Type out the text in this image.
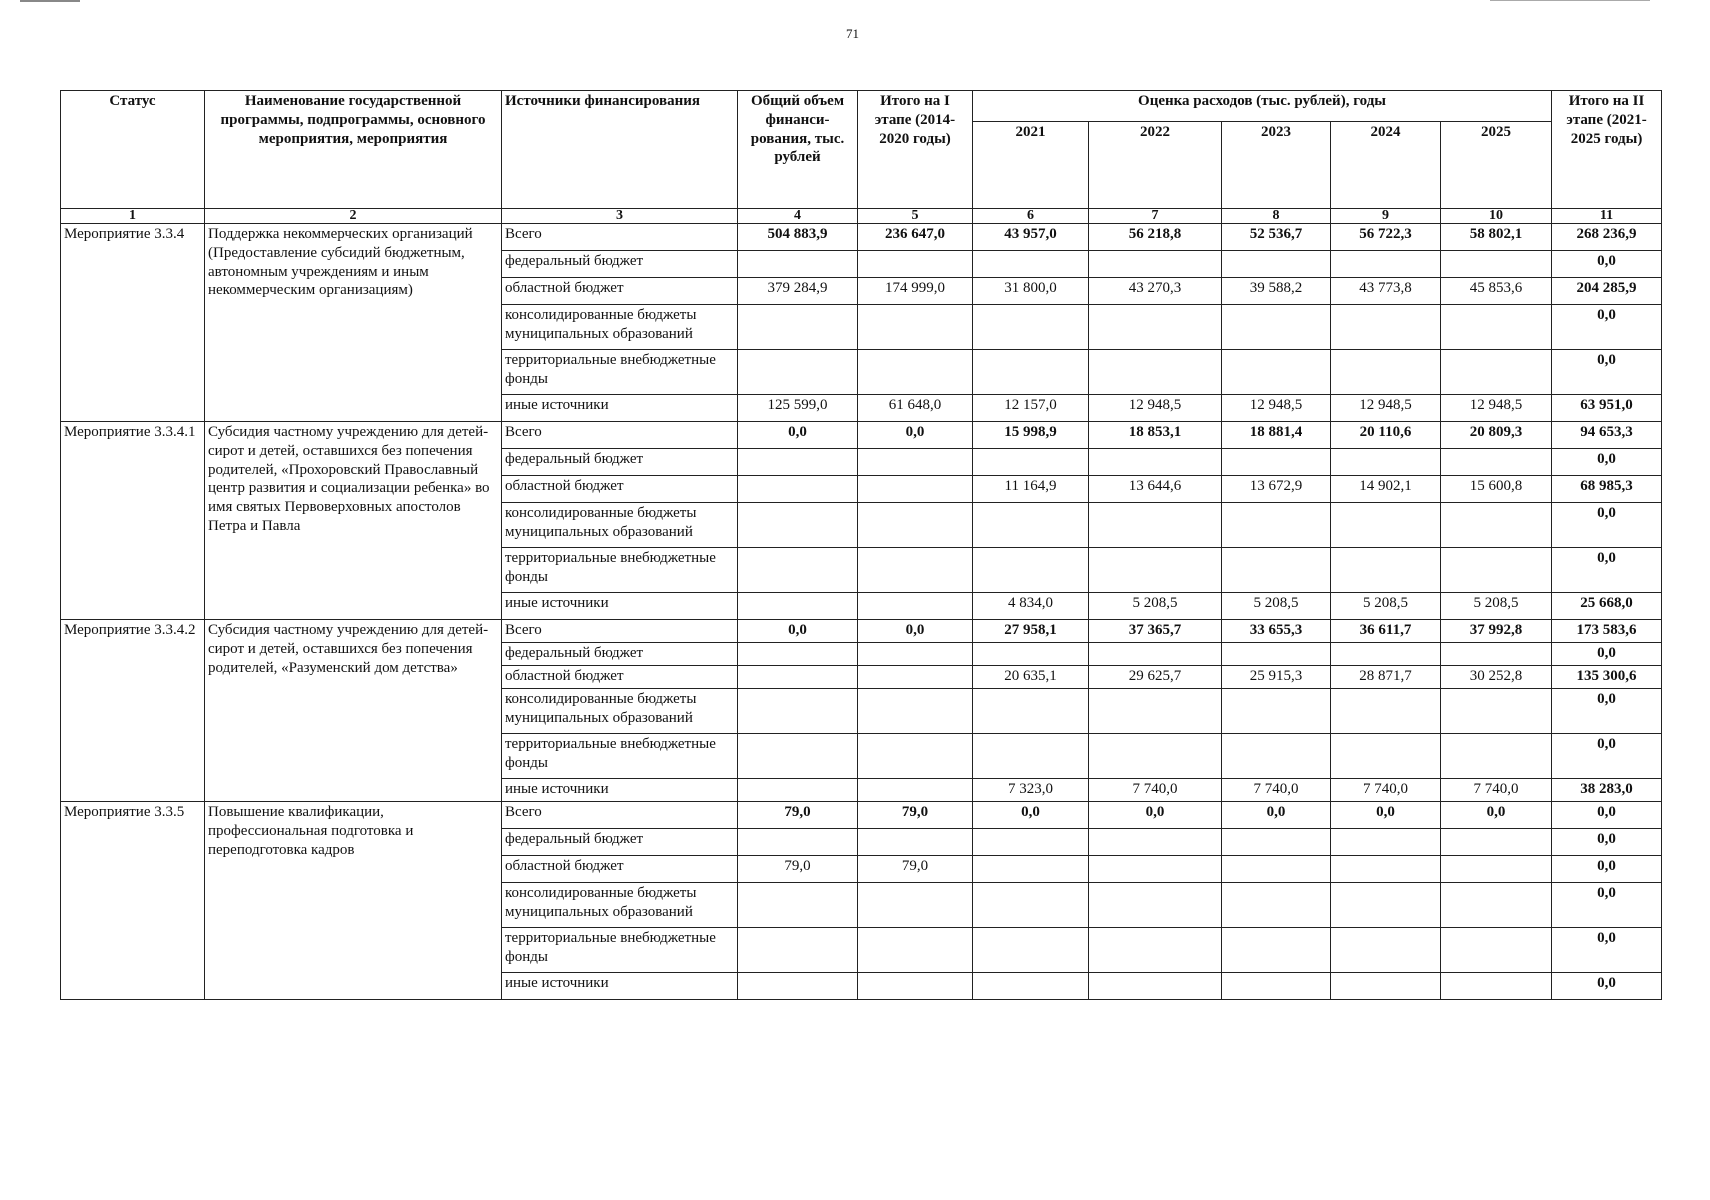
71
Статус	Наименование государственной программы, подпрограммы, основного мероприятия, мероприятия	Источники финансирования	Общий объем финанси-рования, тыс. рублей	Итого на I этапе (2014-2020 годы)	Оценка расходов (тыс. рублей), годы					Итого на II этапе (2021-2025 годы)
					2021	2022	2023	2024	2025	
1	2	3	4	5	6	7	8	9	10	11
Мероприятие 3.3.4	Поддержка некоммерческих организаций (Предоставление субсидий бюджетным, автономным учреждениям и иным некоммерческим организациям)	Всего	504 883,9	236 647,0	43 957,0	56 218,8	52 536,7	56 722,3	58 802,1	268 236,9
		федеральный бюджет								0,0
		областной бюджет	379 284,9	174 999,0	31 800,0	43 270,3	39 588,2	43 773,8	45 853,6	204 285,9
		консолидированные бюджеты муниципальных образований								0,0
		территориальные внебюджетные фонды								0,0
		иные источники	125 599,0	61 648,0	12 157,0	12 948,5	12 948,5	12 948,5	12 948,5	63 951,0
Мероприятие 3.3.4.1	Субсидия частному учреждению для детей-сирот и детей, оставшихся без попечения родителей, «Прохоровский Православный центр развития и социализации ребенка» во имя святых Первоверховных апостолов Петра и Павла	Всего	0,0	0,0	15 998,9	18 853,1	18 881,4	20 110,6	20 809,3	94 653,3
		федеральный бюджет								0,0
		областной бюджет			11 164,9	13 644,6	13 672,9	14 902,1	15 600,8	68 985,3
		консолидированные бюджеты муниципальных образований								0,0
		территориальные внебюджетные фонды								0,0
		иные источники			4 834,0	5 208,5	5 208,5	5 208,5	5 208,5	25 668,0
Мероприятие 3.3.4.2	Субсидия частному учреждению для детей-сирот и детей, оставшихся без попечения родителей, «Разуменский дом детства»	Всего	0,0	0,0	27 958,1	37 365,7	33 655,3	36 611,7	37 992,8	173 583,6
		федеральный бюджет								0,0
		областной бюджет			20 635,1	29 625,7	25 915,3	28 871,7	30 252,8	135 300,6
		консолидированные бюджеты муниципальных образований								0,0
		территориальные внебюджетные фонды								0,0
		иные источники			7 323,0	7 740,0	7 740,0	7 740,0	7 740,0	38 283,0
Мероприятие 3.3.5	Повышение квалификации, профессиональная подготовка и переподготовка кадров	Всего	79,0	79,0	0,0	0,0	0,0	0,0	0,0	0,0
		федеральный бюджет								0,0
		областной бюджет	79,0	79,0						0,0
		консолидированные бюджеты муниципальных образований								0,0
		территориальные внебюджетные фонды								0,0
		иные источники								0,0
